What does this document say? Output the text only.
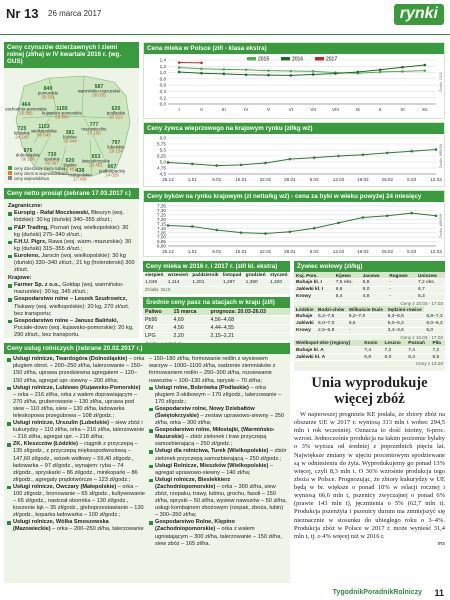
Nr 13 26 marca 2017	rynki
Ceny czynszów dzierżawnych I ziemi rolnej (zł/ha) w IV kwartale 2016 r. (wg. GUS)
840
pomorskie
35 501
587
warmińsko-mazurskie
28 035
464
zachodnio-pomorskie
25 865
1165
kujawsko-pomorskie
53 940
620
podlaskie
37 913
725
lubuskie
24 145
1153
wielkopolskie
60 045
777
mazowieckie
37 150
381
łódzkie
35 444	797
lubelskie
29 154
876
dolnośląskie
36 166
730
opolskie
42 067 620
śląskie
46 461
653
świętokrzyskie
23 451
438
małopolskie
27 436
667
podkarpackie
24 028
ceny dzierżawy ziemi rolnej
ceny ziemi w województwach
ceny województwa
Ceny netto prosiąt (zebrane 17.03.2017 r.)
Zagraniczne:
Europig - Rafał Moczkowski, Błeszyn (woj. łódzkie): 30 kg (duński) 340–355 zł/szt.;
P&P Trading, Poznań (woj. wielkopolskie): 30 kg (duński) 275–340 zł/szt.;
F.H.U. Pigrx, Rawa (woj. warm.-mazurskie): 30 kg (duński) 315–355 zł/szt.;
Euroleno, Jarocin (woj. wielkopolskie): 30 kg (duński) 330–340 zł/szt.; 21 kg (holenderski) 300 zł/szt.
Krajowe:
Farmer Sp. z o.o., Gołdap (woj. warmińsko-mazurskie): 30 kg, 345 zł/szt.;
Gospodarstwo rolne – Leszek Szudrowicz, Tłukawy (woj. wielkopolskie): 20 kg, 270 zł/szt. bez transportu;
Gospodarstwo rolne – Janusz Baliński, Pociałe-dowo (woj. kujawsko-pomorskie): 20 kg, 290 zł/szt., bez transportu.
Cena mleka w Polsce (zł/l - klasa ekstra)
0,0
0,2
0,4
0,6
0,8
1,0
1,2
1,4
I	II	III	IV	V	VI	VII	VIII	IX	X	XI	XII
2015	2016	2017
Źródło: GUS
Ceny żywca wieprzowego na krajowym rynku (zł/kg wż)
4,5
4,75
5,0
5,25
5,5
5,75
6,0
25.12	1.01	8.01	15.01	22.01	29.01	5.02	12.02	19.02	26.02	5.03	12.03
Źródło: MRiRW
Ceny byków na rynku krajowym (zł netto/kg wż) - cena za byki w wieku powyżej 24 miesięcy
6,90
6,95
7,00
7,05
7,10
7,15
7,20
7,25
7,30
7,35
25.12	1.01	8.01	15.01	22.01	29.01	5.02	12.02	19.02	26.02	5.03	12.03
Źródło: MRiRW
Ceny mleka w 2016 r. i 2017 r. (zł/l kl. ekstra)
sierpień	wrzesień	październik	listopad	grudzień	styczeń
1,049	1,114	1,201	1,297	1,360	1,320
Źródło: GUS
Średnie ceny pasz na stacjach w kraju (zł/l)
Paliwo	15 marca	prognoza: 20.03-26.03
Pb95	4,69	4,56–4,68
ON	4,56	4,44–4,55
LPG	2,20	2,15–2,21
Żywiec wołowy (zł/kg)
Kuj. Pom.	Kijewo	Jacewo	Rogowo	Uniszew
Buhaje kl. I	7,5 eks.	6,8	-	7,2 eks.
Jałówki kl. I	6,6	6,0	-	6,7
Krowy	5,4	4,8	-	5,3
Ceny z 10.03 - 17.03
Łódzkie	Bodzi-chów	Wilkuście Duże	Sędzimi-rowice	
Buhaje	6,2–7,6	6,2–7,0	6,3–6,5	6,8–7,3
Jałówki	6,0–7,0	5,5	5,0–5,2	6,0–6,3
Krowy	2,5–5,8	-	3,4–3,6	5,0
Ceny z 10.03 - 17.03
Wielkopol-skie (regiony)	Konin	Leszno	Poznań	Piła
Buhaje kl. A	7,4	7,2	7,4	7,2
Jałówki kl. A	6,8	6,0	6,4	6,5
Ceny z 13.03
Ceny usług rolniczych (zebrane 20.02.2017 r.)
Usługi rolnicze, Twardogóra (Dolnośląskie) – orka pługiem obrot. – 200–250 zł/ha, talerzowanie – 150–150 zł/ha, uprawa przedsiewna agregatem – 120–150 zł/ha, agregat upr.-siewny – 200 zł/ha;
Usługi rolnicze, Lubiewo (Kujawsko-Pomorskie) – orka – 216 zł/ha, orka z wałem doprawiającym – 270 zł/ha, gruberowanie – 130 zł/ha, uprawa pod siew – 110 zł/ha, siew – 130 zł/ha, ładowarka teleskopowa przegubowa – 108 zł/godz.;
Usługi rolnicze, Urszulin (Lubelskie) – siew zbóż i kukurydzy – 110 zł/ha, orka – 216 zł/ha, talerzowanie – 216 zł/ha, agregat upr. – 218 zł/ha;
ZK, Kleszczów (Łódzkie) – ciągnik z przyczepą – 135 zł/godz., z przyczepą mięksopodwoziową – 147,60 zł/godz., wózek widłowy – 59,40 zł/godz., ładowarka – 97 zł/godz., wynajem: ryba – 74 zł/godz., spryskarki – 86 zł/godz., minikoparki – 86 zł/godz., agregaty prądotwórcze – 123 zł/godz.;
Usługi rolnicze, Owczary (Małopolskie) – orka – 100 zł/godz., bronowanie – 65 zł/godz., kultywowanie – 65 zł/godz., nastrzał obornika – 130 zł/godz., koszenie łąk – 35 zł/godz., gleboprzestawianie – 130 zł/godz., koparka ładowarka – 100 zł/godz.;
Usługi rolnicze, Wólka Smoszewska (Mazowieckie) – orka – 200–250 zł/ha, talerzowanie
– 150–180 zł/ha, formowanie redlin z wysiewem warzyw – 1000–1100 zł/ha, sadzenie ziemniaków z formowaniem redlin – 250–300 zł/ha, rozsiewanie nawozów – 100–130 zł/ha, opryski – 70 zł/ha;
Usługi rolne, Bobrówka (Podlaskie) – orka pługiem 3-skibowym – 170 zł/godz., talerzowanie – 170 zł/godz.;
Gospodarstw rolne, Nowy Dziebałtów (Świętokrzyskie) – zestaw uprawowo-siewny – 250 zł/ha, orka – 300 zł/ha;
Gospodarstwo rolne, Miłostajki, (Warmińsko-Mazurskie) – zbiór zielonek i traw przyczepą samozbierającą – 250 zł/godz.;
Usługi dla rolnictwa, Turek (Wielkopolskie) – zbiór zielonek przyczepą samozbierającą – 250 zł/godz.;
Usługi Rolnicze, Mieszków (Wielkopolskie) – agregat uprawowo-siewny – 140 zł/ha;
Usługi rolnicze, Bieslekkierz (Zachodniopomorskie) – orka – 300 zł/ha, siew zbóż, rzepaku, trawy, łubinu, grochu, fasoli – 150 zł/ha, opryski – 50 zł/ha, wysiew nawozów – 50 zł/ha, usługi kombajnem zbożowym (rzepak, zboża, łubin) – 300–350 zł/ha;
Gospodarstwo Rolne, Klępino (Zachodniopomorskie) – orka z wałem ugniatającym – 300 zł/ha, talerzowanie – 150 zł/ha, siew zbóż – 165 zł/ha.
Unia wyprodukuje więcej zbóż
W najnowszej prognozie KE podała, że zbiory zbóż na obszarze UE w 2017 r. wyniosą 313 mln t wobec 294,5 mln t rok wcześniej. Oznacza to dość istotny, 6-proc. wzrost. Jednocześnie produkcja na takim poziomie byłaby o 3% wyższa od średniej z poprzednich pięciu lat. Największe zmiany w ujęciu procentowym spodziewane są w odniesieniu do żyta. Wyprodukujemy go ponad 13% więcej, czyli 8,3 mln t. O 36% wzrośnie produkcja tego zboża w Polsce. Prognozując, że zbiory kukurydzy w UE będą w br. większe o ponad 10% w relacji rocznej i wyniosą 66,6 mln t, pszenicy zwyczajnej o ponad 6% (prawie 143 mln t), jęczmienia o 5% (62,7 mln t). Produkcja pszenżyta i pszenicy durum ma zmniejszyć się nieznacznie w stosunku do ubiegłego roku o 3–4%. Produkcja zbóż w Polsce w 2017 r. może wynieść 31,4 mln t, tj. o 4% więcej niż w 2016 r.
ms
TygodnikPoradnikRolniczy 11
